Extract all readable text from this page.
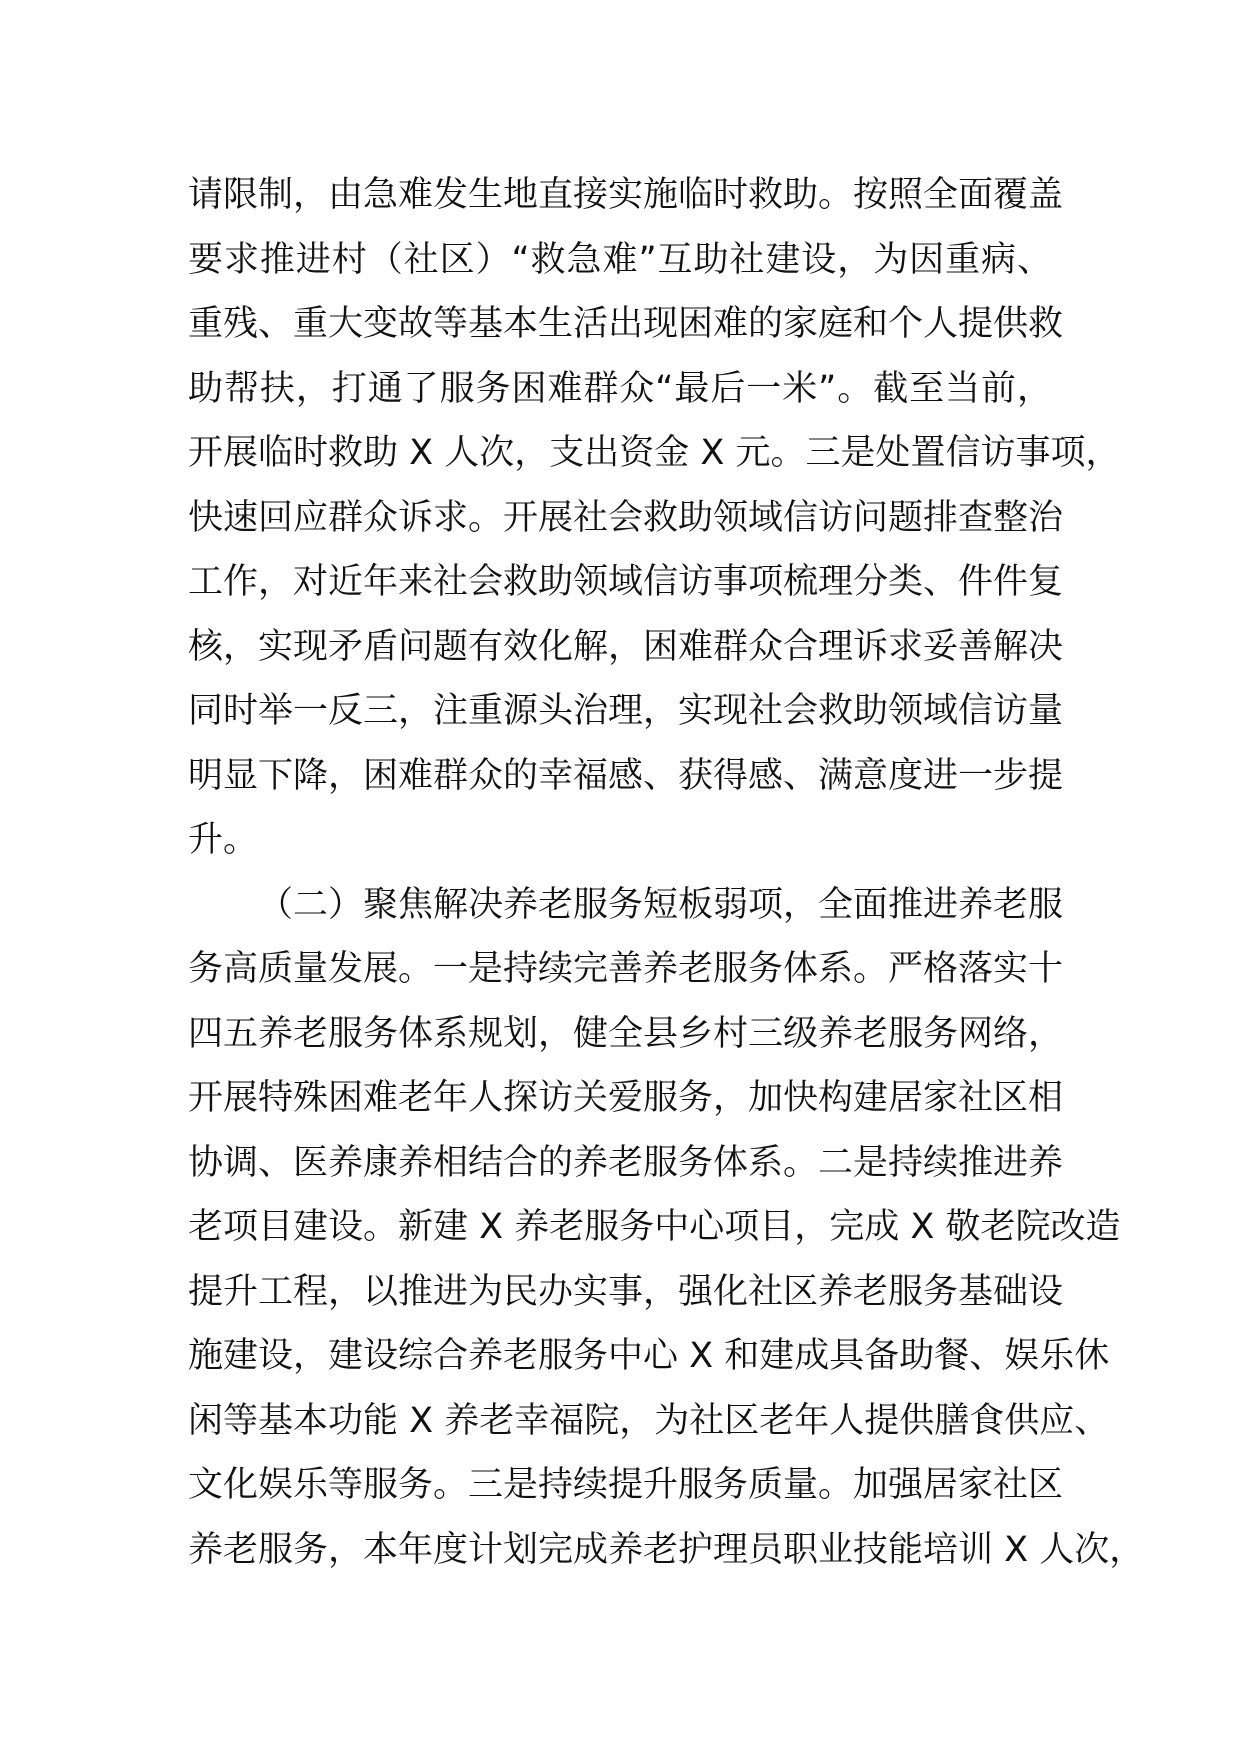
请限制，由急难发生地直接实施临时救助。按照全面覆盖
要求推进村（社区）“救急难”互助社建设，为因重病、
重残、重大变故等基本生活出现困难的家庭和个人提供救
助帮扶，打通了服务困难群众“最后一米”。截至当前，
开展临时救助 X 人次，支出资金 X 元。三是处置信访事项，
快速回应群众诉求。开展社会救助领域信访问题排查整治
工作，对近年来社会救助领域信访事项梳理分类、件件复
核，实现矛盾问题有效化解，困难群众合理诉求妥善解决
同时举一反三，注重源头治理，实现社会救助领域信访量
明显下降，困难群众的幸福感、获得感、满意度进一步提
升。
（二）聚焦解决养老服务短板弱项，全面推进养老服
务高质量发展。一是持续完善养老服务体系。严格落实十
四五养老服务体系规划，健全县乡村三级养老服务网络，
开展特殊困难老年人探访关爱服务，加快构建居家社区相
协调、医养康养相结合的养老服务体系。二是持续推进养
老项目建设。新建 X 养老服务中心项目，完成 X 敬老院改造
提升工程，以推进为民办实事，强化社区养老服务基础设
施建设，建设综合养老服务中心 X 和建成具备助餐、娱乐休
闲等基本功能 X 养老幸福院，为社区老年人提供膳食供应、
文化娱乐等服务。三是持续提升服务质量。加强居家社区
养老服务，本年度计划完成养老护理员职业技能培训 X 人次，
